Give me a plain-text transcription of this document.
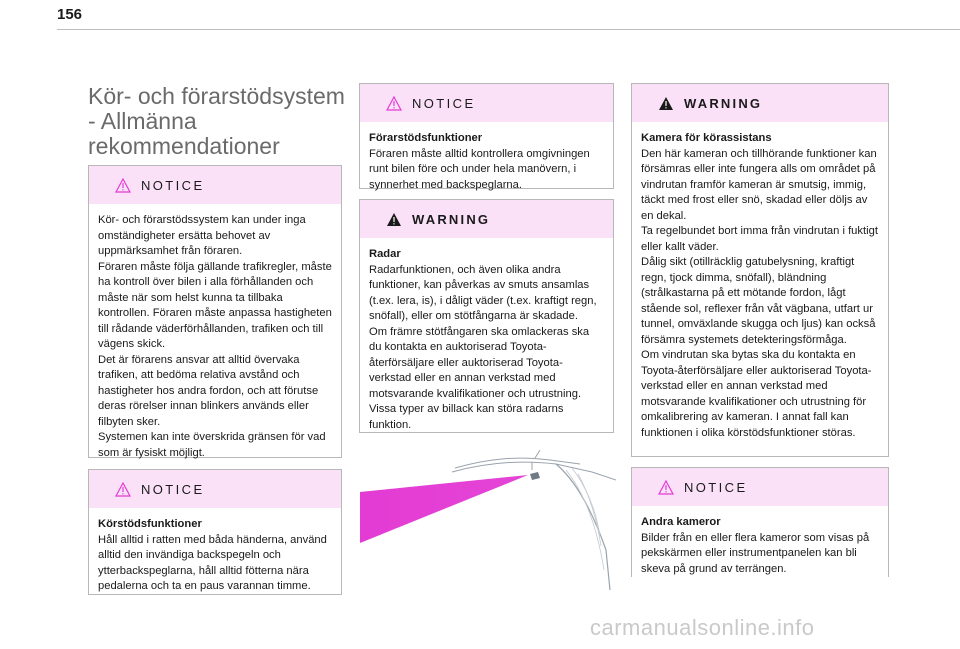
156
Kör- och förarstödsystem - Allmänna rekommendationer
NOTICE
Kör- och förarstödssystem kan under inga omständigheter ersätta behovet av uppmärksamhet från föraren.
Föraren måste följa gällande trafikregler, måste ha kontroll över bilen i alla förhållanden och måste när som helst kunna ta tillbaka kontrollen. Föraren måste anpassa hastigheten till rådande väderförhållanden, trafiken och till vägens skick.
Det är förarens ansvar att alltid övervaka trafiken, att bedöma relativa avstånd och hastigheter hos andra fordon, och att förutse deras rörelser innan blinkers används eller filbyten sker.
Systemen kan inte överskrida gränsen för vad som är fysiskt möjligt.
NOTICE
Körstödsfunktioner
Håll alltid i ratten med båda händerna, använd alltid den invändiga backspegeln och ytterbackspeglarna, håll alltid fötterna nära pedalerna och ta en paus varannan timme.
NOTICE
Förarstödsfunktioner
Föraren måste alltid kontrollera omgivningen runt bilen före och under hela manövern, i synnerhet med backspeglarna.
WARNING
Radar
Radarfunktionen, och även olika andra funktioner, kan påverkas av smuts ansamlas (t.ex. lera, is), i dåligt väder (t.ex. kraftigt regn, snöfall), eller om stötfångarna är skadade.
Om främre stötfångaren ska omlackeras ska du kontakta en auktoriserad Toyota-återförsäljare eller auktoriserad Toyota-verkstad eller en annan verkstad med motsvarande kvalifikationer och utrustning.
Vissa typer av billack kan störa radarns funktion.
WARNING
Kamera för körassistans
Den här kameran och tillhörande funktioner kan försämras eller inte fungera alls om området på vindrutan framför kameran är smutsig, immig, täckt med frost eller snö, skadad eller döljs av en dekal.
Ta regelbundet bort imma från vindrutan i fuktigt eller kallt väder.
Dålig sikt (otillräcklig gatubelysning, kraftigt regn, tjock dimma, snöfall), bländning (strålkastarna på ett mötande fordon, lågt stående sol, reflexer från våt vägbana, utfart ur tunnel, omväxlande skugga och ljus) kan också försämra systemets detekteringsförmåga.
Om vindrutan ska bytas ska du kontakta en Toyota-återförsäljare eller auktoriserad Toyota-verkstad eller en annan verkstad med motsvarande kvalifikationer och utrustning för omkalibrering av kameran. I annat fall kan funktionen i olika körstödsfunktioner störas.
NOTICE
Andra kameror
Bilder från en eller flera kameror som visas på pekskärmen eller instrumentpanelen kan bli skeva på grund av terrängen.
carmanualsonline.info
